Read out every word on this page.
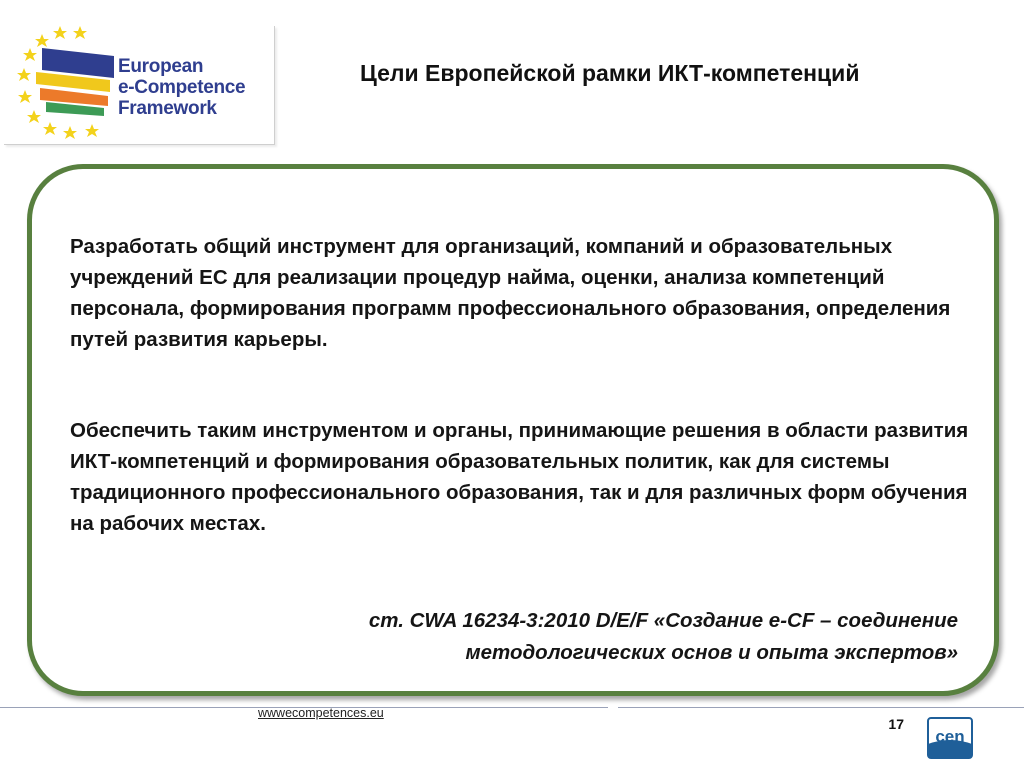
European
e-Competence
Framework
Цели Европейской рамки ИКТ-компетенций
Разработать общий инструмент для организаций, компаний и образовательных учреждений ЕС для реализации процедур найма, оценки, анализа компетенций персонала, формирования программ профессионального образования, определения путей развития карьеры.
Обеспечить таким инструментом и органы, принимающие решения в области развития ИКТ-компетенций и формирования образовательных политик, как для системы традиционного профессионального образования, так и для различных форм обучения на рабочих местах.
cт. CWA 16234-3:2010 D/E/F «Создание e-CF – соединение
методологических основ и опыта экспертов»
wwwecompetences.eu
17
cen
